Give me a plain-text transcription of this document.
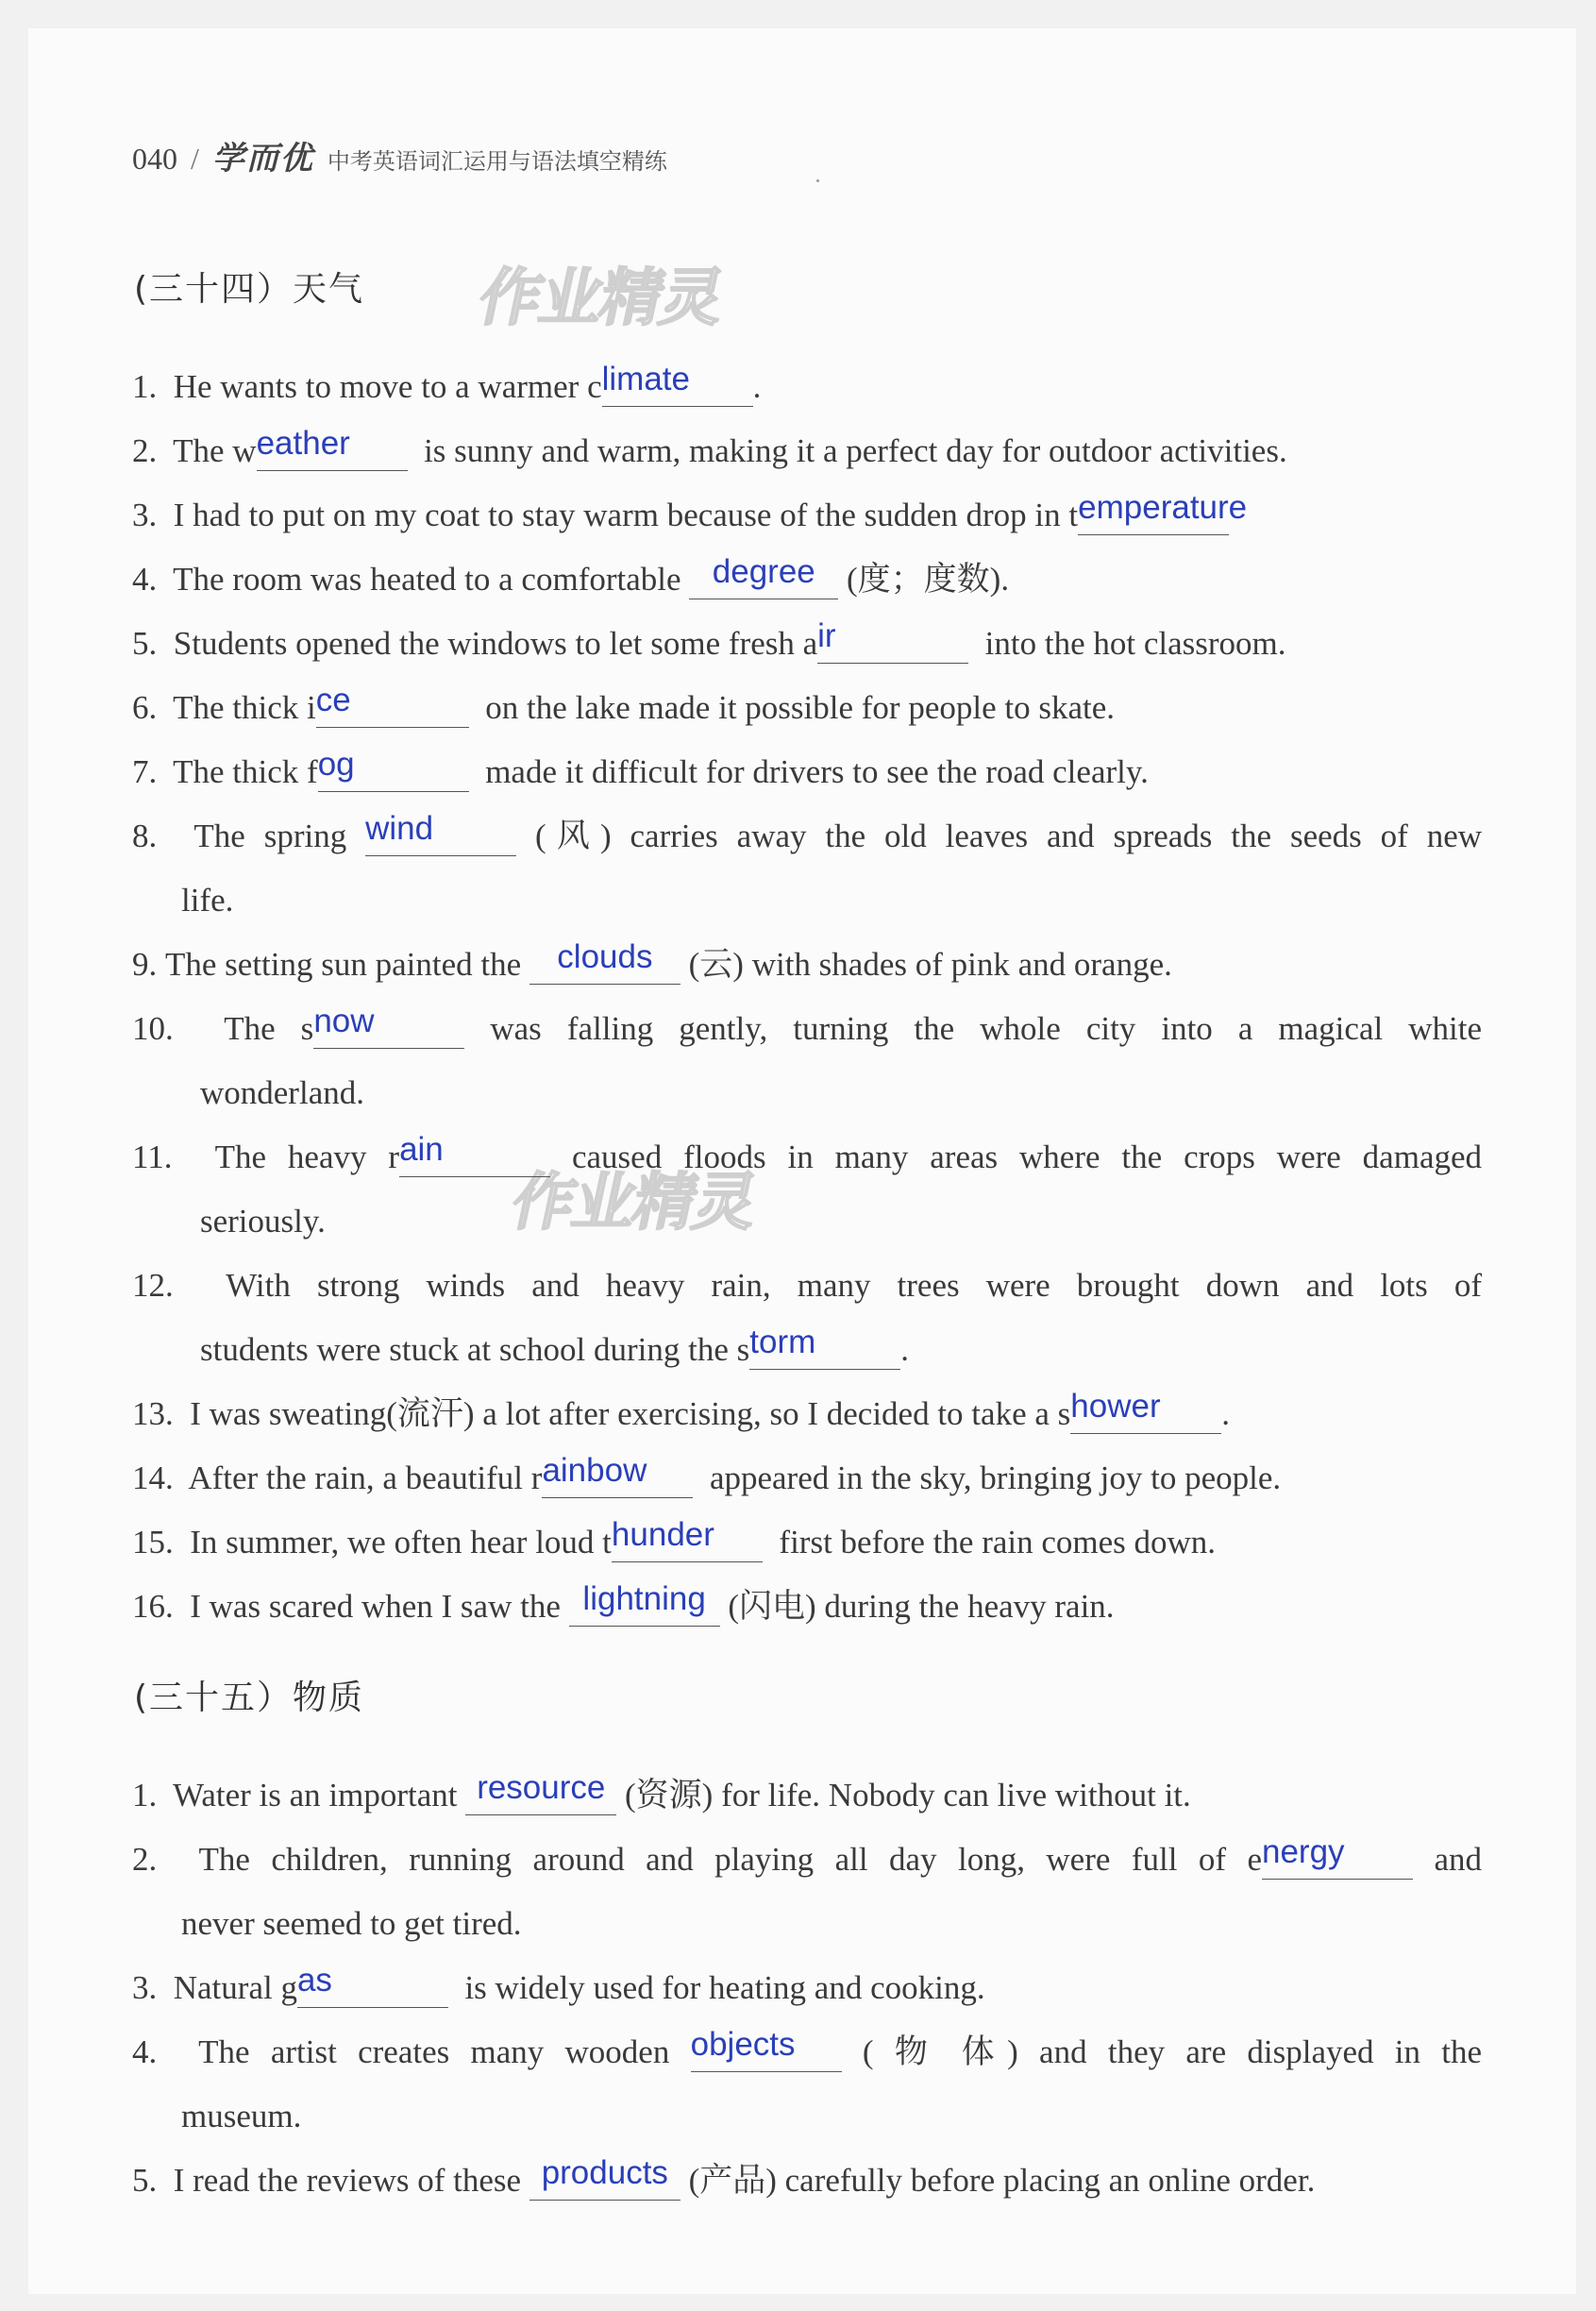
040 / 学而优 中考英语词汇运用与语法填空精练
(三十四）天气 作业精灵
作业精灵
1. He wants to move to a warmer climate .
2. The weather is sunny and warm, making it a perfect day for outdoor activities.
3. I had to put on my coat to stay warm because of the sudden drop in temperature
4. The room was heated to a comfortable degree (度；度数).
5. Students opened the windows to let some fresh air	into the hot classroom.
6. The thick ice	on the lake made it possible for people to skate.
7. The thick fog	made it difficult for drivers to see the road clearly.
8. The spring wind	(风) carries away the old leaves and spreads the seeds of new
life.
9. The setting sun painted the clouds (云) with shades of pink and orange.
10. The snow	was falling gently, turning the whole city into a magical white
wonderland.
11. The heavy rain	caused floods in many areas where the crops were damaged
seriously.
12. With strong winds and heavy rain, many trees were brought down and lots of
students were stuck at school during the storm	.
13. I was sweating(流汗) a lot after exercising, so I decided to take a shower .
14. After the rain, a beautiful rainbow appeared in the sky, bringing joy to people.
15. In summer, we often hear loud thunder first before the rain comes down.
16. I was scared when I saw the lightning (闪电) during the heavy rain.
(三十五）物质
1. Water is an important resource (资源) for life. Nobody can live without it.
2. The children, running around and playing all day long, were full of energy	and
never seemed to get tired.
3. Natural gas	is widely used for heating and cooking.
4. The artist creates many wooden objects ( 物 体) and they are displayed in the
museum.
5. I read the reviews of these products (产品) carefully before placing an online order.
